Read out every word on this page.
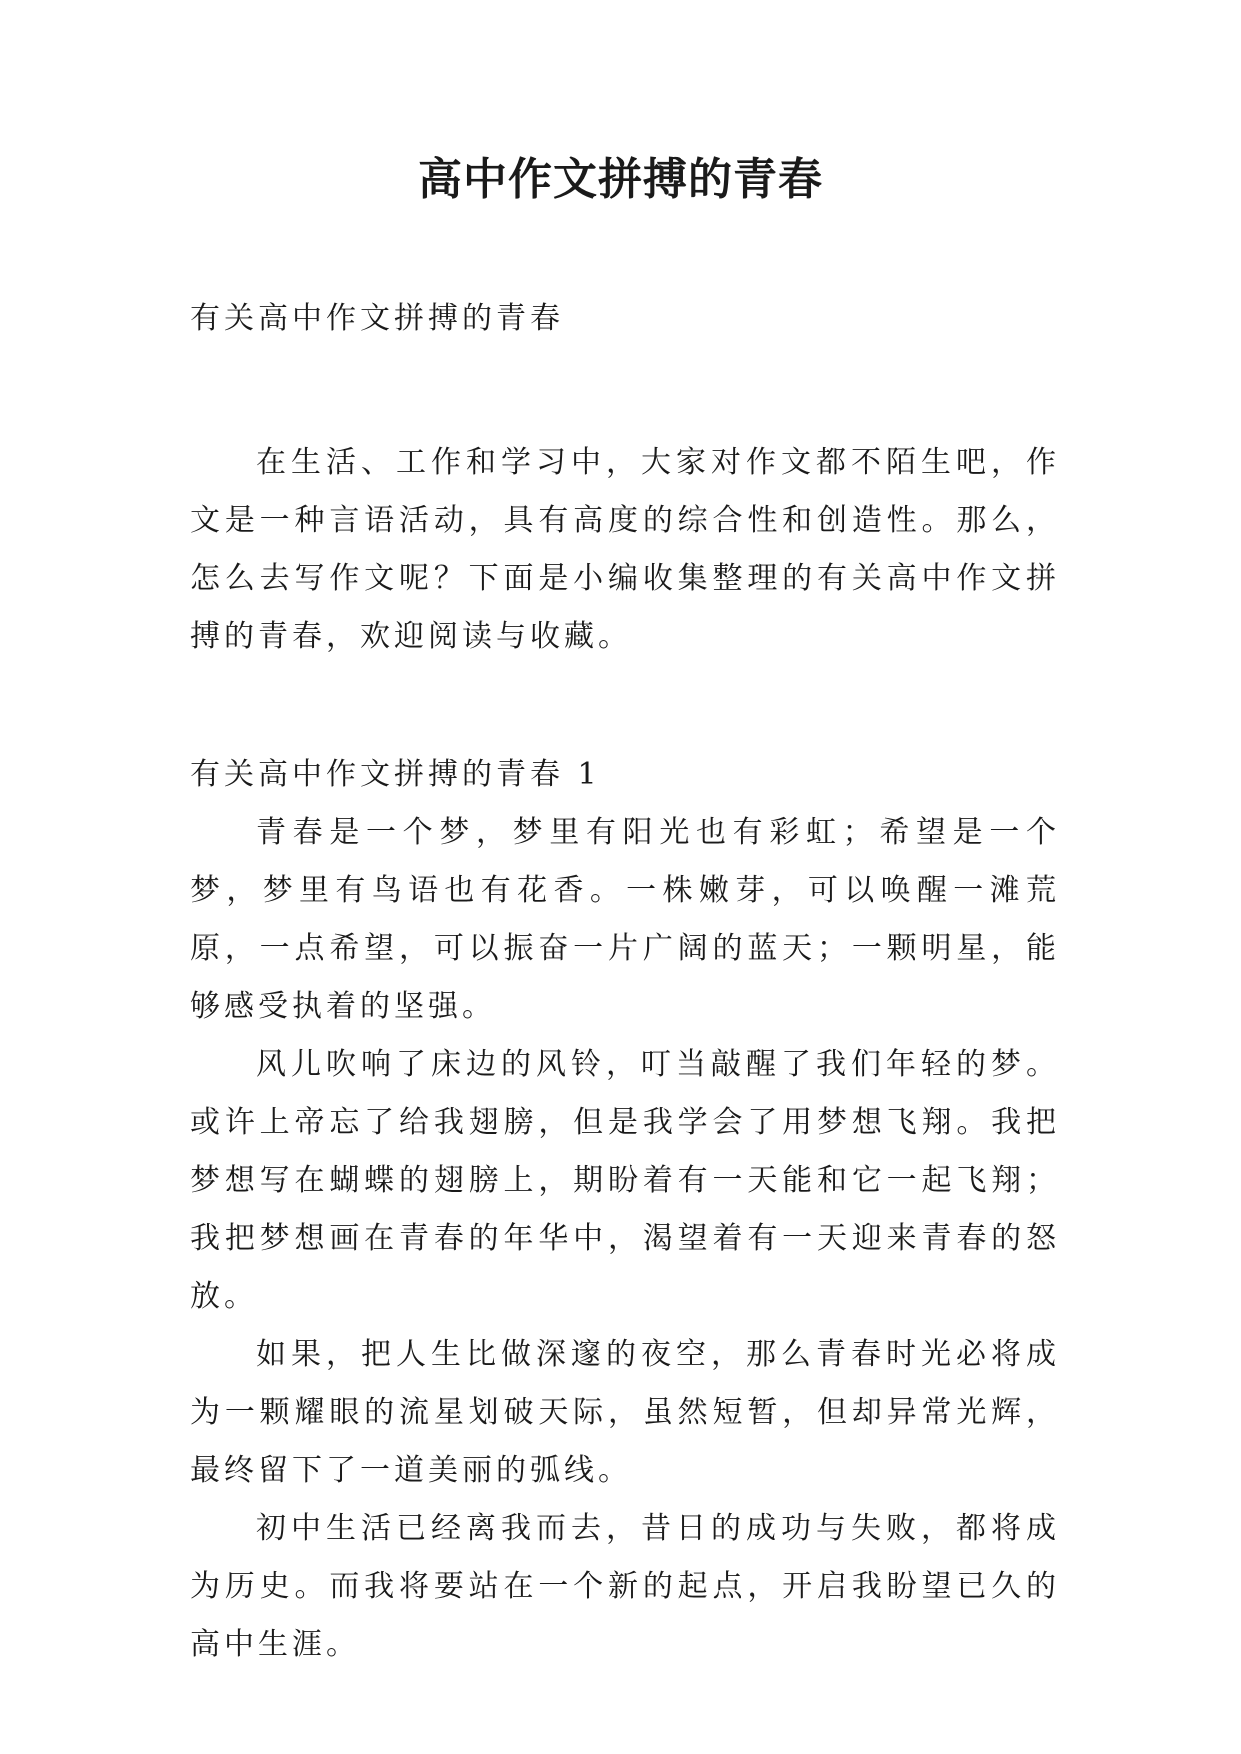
高中作文拼搏的青春

有关高中作文拼搏的青春

在生活、工作和学习中，大家对作文都不陌生吧，作文是一种言语活动，具有高度的综合性和创造性。那么，怎么去写作文呢？下面是小编收集整理的有关高中作文拼搏的青春，欢迎阅读与收藏。

有关高中作文拼搏的青春 1

青春是一个梦，梦里有阳光也有彩虹；希望是一个梦，梦里有鸟语也有花香。一株嫩芽，可以唤醒一滩荒原，一点希望，可以振奋一片广阔的蓝天；一颗明星，能够感受执着的坚强。

风儿吹响了床边的风铃，叮当敲醒了我们年轻的梦。或许上帝忘了给我翅膀，但是我学会了用梦想飞翔。我把梦想写在蝴蝶的翅膀上，期盼着有一天能和它一起飞翔；我把梦想画在青春的年华中，渴望着有一天迎来青春的怒放。

如果，把人生比做深邃的夜空，那么青春时光必将成为一颗耀眼的流星划破天际，虽然短暂，但却异常光辉，最终留下了一道美丽的弧线。

初中生活已经离我而去，昔日的成功与失败，都将成为历史。而我将要站在一个新的起点，开启我盼望已久的高中生涯。
